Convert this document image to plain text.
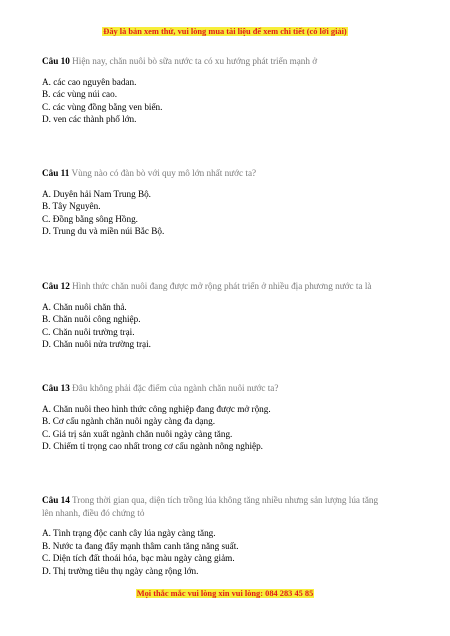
Đây là bản xem thử, vui lòng mua tài liệu để xem chi tiết (có lời giải)
Câu 10 Hiện nay, chăn nuôi bò sữa nước ta có xu hướng phát triển mạnh ở
A. các cao nguyên badan.
B. các vùng núi cao.
C. các vùng đồng bằng ven biển.
D. ven các thành phố lớn.
Câu 11 Vùng nào có đàn bò với quy mô lớn nhất nước ta?
A. Duyên hải Nam Trung Bộ.
B. Tây Nguyên.
C. Đồng bằng sông Hồng.
D. Trung du và miền núi Bắc Bộ.
Câu 12 Hình thức chăn nuôi đang được mở rộng phát triển ở nhiều địa phương nước ta là
A. Chăn nuôi chăn thả.
B. Chăn nuôi công nghiệp.
C. Chăn nuôi trường trại.
D. Chăn nuôi nửa trường trại.
Câu 13 Đâu không phải đặc điểm của ngành chăn nuôi nước ta?
A. Chăn nuôi theo hình thức công nghiệp đang được mở rộng.
B. Cơ cấu ngành chăn nuôi ngày càng đa dạng.
C. Giá trị sản xuất ngành chăn nuôi ngày càng tăng.
D. Chiếm tỉ trọng cao nhất trong cơ cấu ngành nông nghiệp.
Câu 14 Trong thời gian qua, diện tích trồng lúa không tăng nhiều nhưng sản lượng lúa tăng lên nhanh, điều đó chứng tỏ
A. Tình trạng độc canh cây lúa ngày càng tăng.
B. Nước ta đang đẩy mạnh thâm canh tăng năng suất.
C. Diện tích đất thoái hóa, bạc màu ngày càng giảm.
D. Thị trường tiêu thụ ngày càng rộng lớn.
Mọi thắc mắc vui lòng xin vui lòng: 084 283 45 85
